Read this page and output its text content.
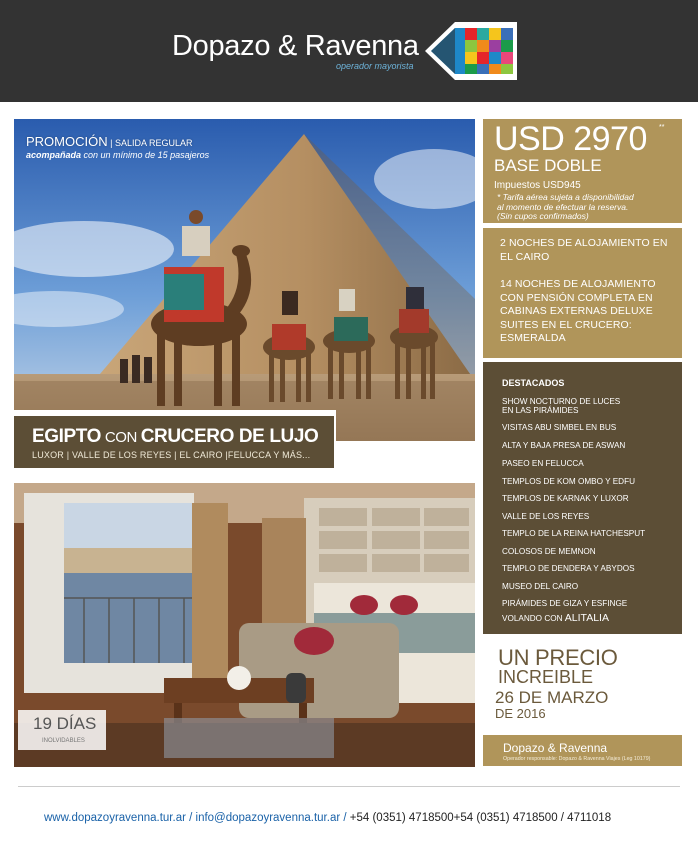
Dopazo & Ravenna
operador mayorista
PROMOCIÓN | SALIDA REGULAR
acompañada con un mínimo de 15 pasajeros
19 DÍAS
INOLVIDABLES
EGIPTO CON CRUCERO DE LUJO
LUXOR | VALLE DE LOS REYES | EL CAIRO |FELUCCA Y MÁS...
USD 2970 **
BASE DOBLE
Impuestos USD945
* Tarifa aérea sujeta a disponibilidad
al momento de efectuar la reserva.
(Sin cupos confirmados)

2 NOCHES DE ALOJAMIENTO EN EL CAIRO

14 NOCHES DE ALOJAMIENTO CON PENSIÓN COMPLETA EN CABINAS EXTERNAS DELUXE SUITES EN EL CRUCERO: ESMERALDA

DESTACADOS
SHOW NOCTURNO DE LUCES EN LAS PIRÁMIDES
VISITAS ABU SIMBEL EN BUS
ALTA Y BAJA PRESA DE ASWAN
PASEO EN FELUCCA
TEMPLOS DE KOM OMBO Y EDFU
TEMPLOS DE KARNAK Y LUXOR
VALLE DE LOS REYES
TEMPLO DE LA REINA HATCHESPUT
COLOSOS DE MEMNON
TEMPLO DE DENDERA Y ABYDOS
MUSEO DEL CAIRO
PIRÁMIDES DE GIZA Y ESFINGE
VOLANDO CON ALITALIA
UN PRECIO
INCREIBLE
26 DE MARZO
DE 2016
Dopazo & Ravenna
Operador responsable: Dopazo & Ravenna Viajes (Leg 10179)
www.dopazoyravenna.tur.ar / info@dopazoyravenna.tur.ar / +54 (0351) 4718500+54 (0351) 4718500 / 4711018
